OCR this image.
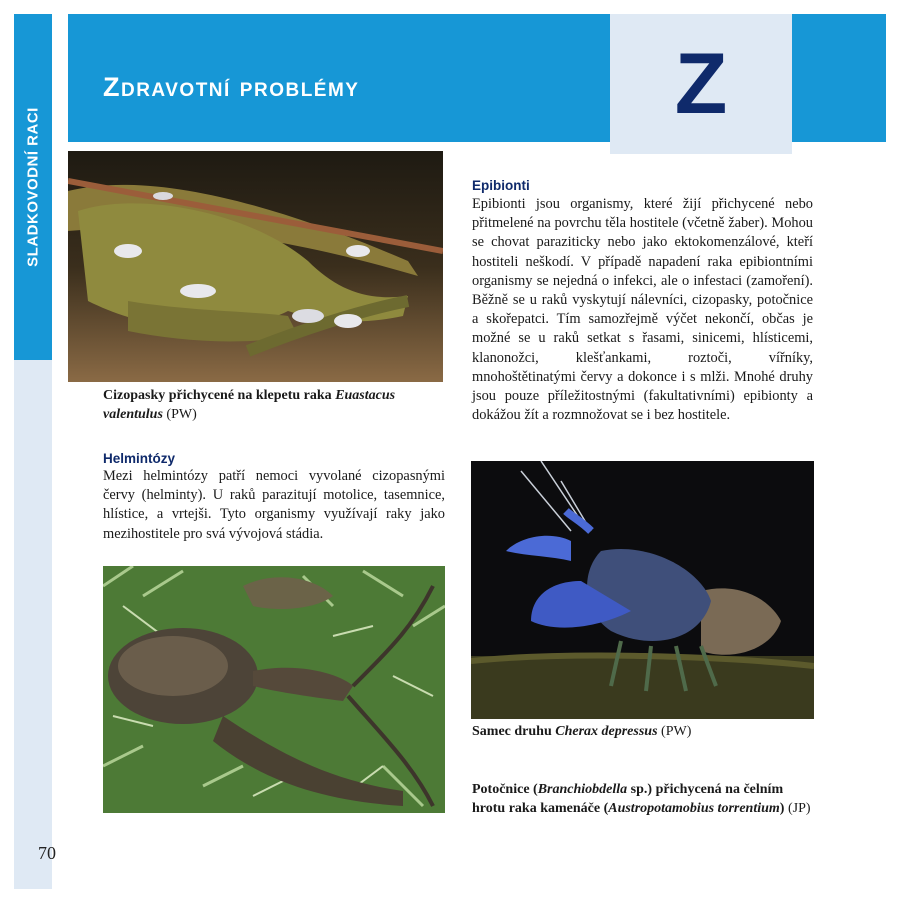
SLADKOVODNÍ RACI
70
Zdravotní problémy	Z
Cizopasky přichycené na klepetu raka Euastacus valentulus (PW)
Helmintózy
Mezi helmintózy patří nemoci vyvolané cizopasnými červy (helminty). U raků parazitují motolice, tasemnice, hlístice, a vrtejši. Tyto organismy využívají raky jako mezihostitele pro svá vývojová stádia.
Epibionti
Epibionti jsou organismy, které žijí přichycené nebo přitmelené na povrchu těla hostitele (včetně žaber). Mohou se chovat paraziticky nebo jako ektokomenzálové, kteří hostiteli neškodí. V případě napadení raka epibiontními organismy se nejedná o infekci, ale o infestaci (zamoření). Běžně se u raků vyskytují nálevníci, cizopasky, potočnice a skořepatci. Tím samozřejmě výčet nekončí, občas je možné se u raků setkat s řasami, sinicemi, hlísticemi, klanonožci, klešťankami, roztoči, vířníky, mnohoštětinatými červy a dokonce i s mlži. Mnohé druhy jsou pouze příležitostnými (fakultativními) epibionty a dokážou žít a rozmnožovat se i bez hostitele.
Samec druhu Cherax depressus (PW)
Potočnice (Branchiobdella sp.) přichycená na čelním hrotu raka kamenáče (Austropotamobius torrentium) (JP)
